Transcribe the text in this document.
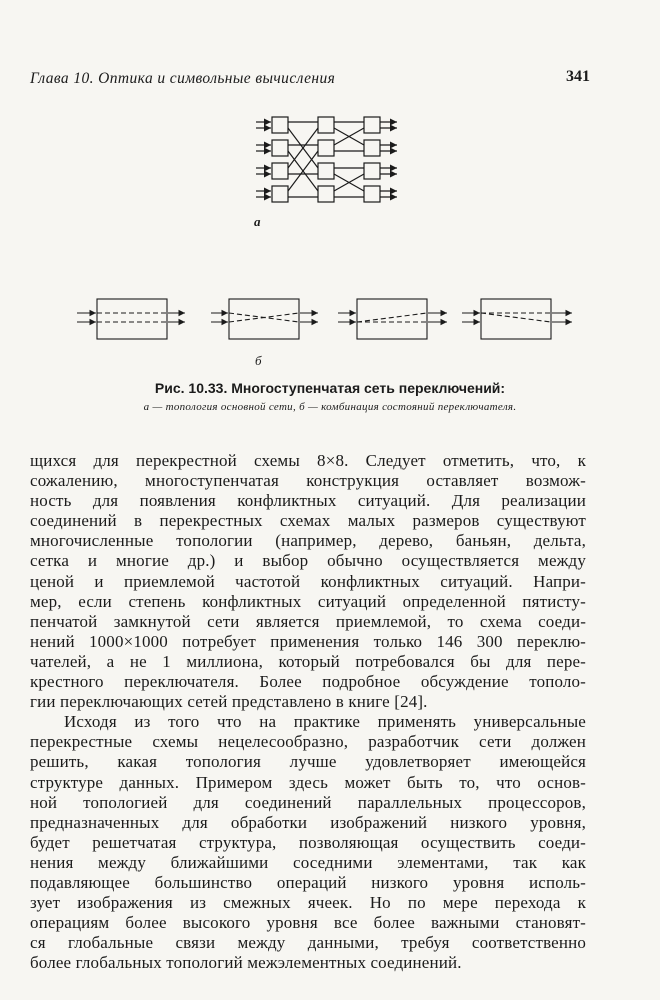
Глава 10. Оптика и символьные вычисления	341
а
б
Рис. 10.33. Многоступенчатая сеть переключений:
а — топология основной сети, б — комбинация состояний переключателя.
щихся для перекрестной схемы 8×8. Следует отметить, что, к
сожалению, многоступенчатая конструкция оставляет возмож-
ность для появления конфликтных ситуаций. Для реализации
соединений в перекрестных схемах малых размеров существуют
многочисленные топологии (например, дерево, баньян, дельта,
сетка и многие др.) и выбор обычно осуществляется между
ценой и приемлемой частотой конфликтных ситуаций. Напри-
мер, если степень конфликтных ситуаций определенной пятисту-
пенчатой замкнутой сети является приемлемой, то схема соеди-
нений 1000×1000 потребует применения только 146 300 переклю-
чателей, а не 1 миллиона, который потребовался бы для пере-
крестного переключателя. Более подробное обсуждение тополо-
гии переключающих сетей представлено в книге [24].
Исходя из того что на практике применять универсальные
перекрестные схемы нецелесообразно, разработчик сети должен
решить, какая топология лучше удовлетворяет имеющейся
структуре данных. Примером здесь может быть то, что основ-
ной топологией для соединений параллельных процессоров,
предназначенных для обработки изображений низкого уровня,
будет решетчатая структура, позволяющая осуществить соеди-
нения между ближайшими соседними элементами, так как
подавляющее большинство операций низкого уровня исполь-
зует изображения из смежных ячеек. Но по мере перехода к
операциям более высокого уровня все более важными становят-
ся глобальные связи между данными, требуя соответственно
более глобальных топологий межэлементных соединений.
